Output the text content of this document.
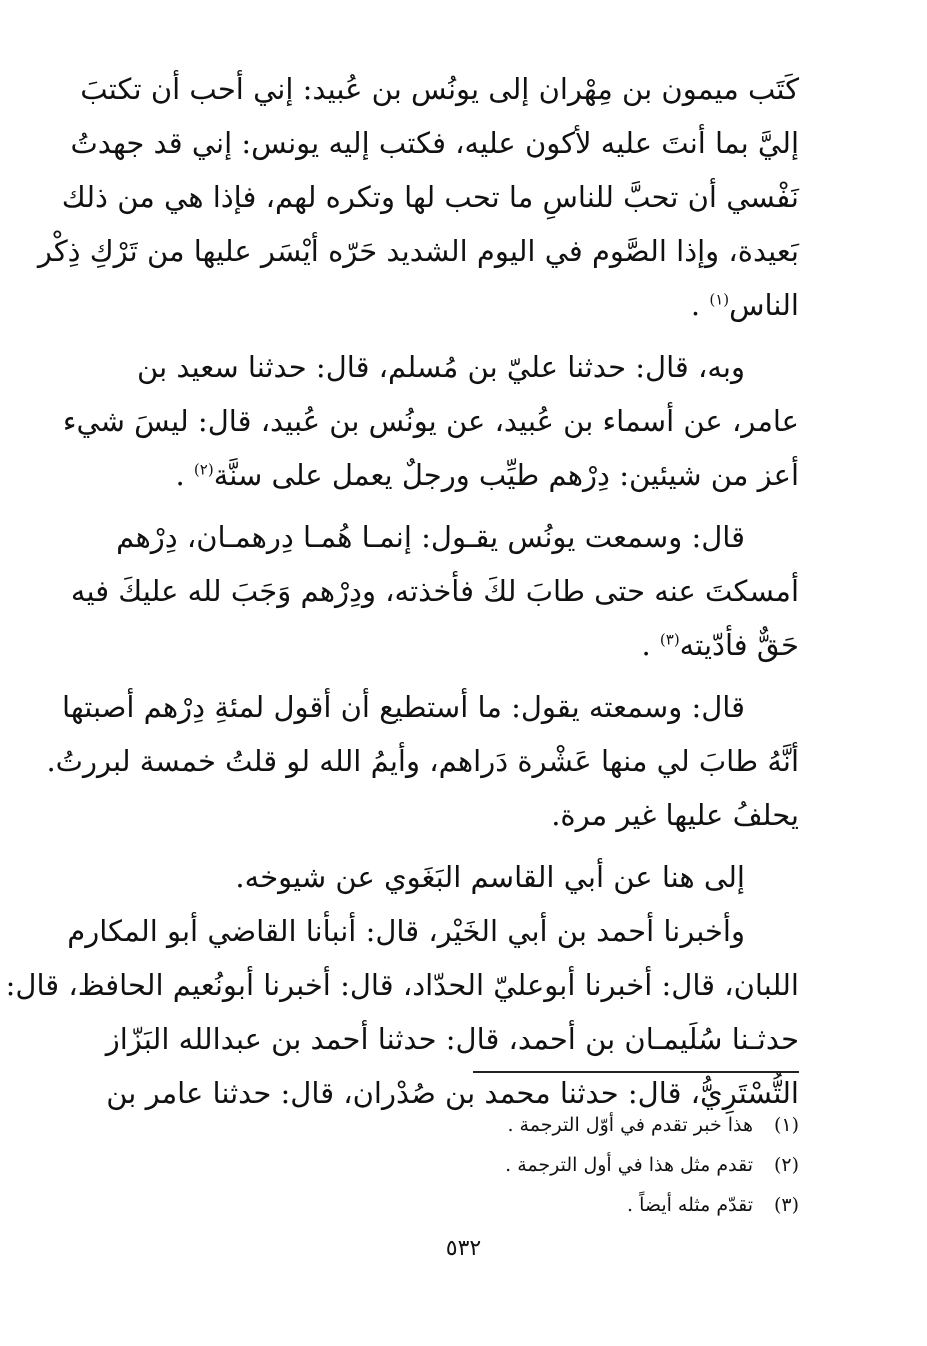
كَتَب ميمون بن مِهْران إلى يونُس بن عُبيد: إني أحب أن تكتبَ
إليَّ بما أنتَ عليه لأكون عليه، فكتب إليه يونس: إني قد جهدتُ
نَفْسي أن تحبَّ للناسِ ما تحب لها وتكره لهم، فإذا هي من ذلك
بَعيدة، وإذا الصَّوم في اليوم الشديد حَرّه أيْسَر عليها من تَرْكِ ذِكْر
الناس$^{(١)}$ .

وبه، قال: حدثنا عليّ بن مُسلم، قال: حدثنا سعيد بن
عامر، عن أسماء بن عُبيد، عن يونُس بن عُبيد، قال: ليسَ شيء
أعز من شيئين: دِرْهم طيِّب ورجلٌ يعمل على سنَّة$^{(٢)}$ .

قال: وسمعت يونُس يقـول: إنمـا هُمـا دِرهمـان، دِرْهم
أمسكتَ عنه حتى طابَ لكَ فأخذته، ودِرْهم وَجَبَ لله عليكَ فيه
حَقٌّ فأدّيته$^{(٣)}$ .

قال: وسمعته يقول: ما أستطيع أن أقول لمئةِ دِرْهم أصبتها
أنَّهُ طابَ لي منها عَشْرة دَراهم، وأيمُ الله لو قلتُ خمسة لبررتُ.
يحلفُ عليها غير مرة.

إلى هنا عن أبي القاسم البَغَوي عن شيوخه.

وأخبرنا أحمد بن أبي الخَيْر، قال: أنبأنا القاضي أبو المكارم
اللبان، قال: أخبرنا أبوعليّ الحدّاد، قال: أخبرنا أبونُعيم الحافظ، قال:
حدثـنا سُلَيمـان بن أحمد، قال: حدثنا أحمد بن عبدالله البَزّاز
التُّسْتَرِيُّ، قال: حدثنا محمد بن صُدْران، قال: حدثنا عامر بن

(١)
هذا خبر تقدم في أوّل الترجمة .
(٢)
تقدم مثل هذا في أول الترجمة .
(٣)
تقدّم مثله أيضاً .
٥٣٢
